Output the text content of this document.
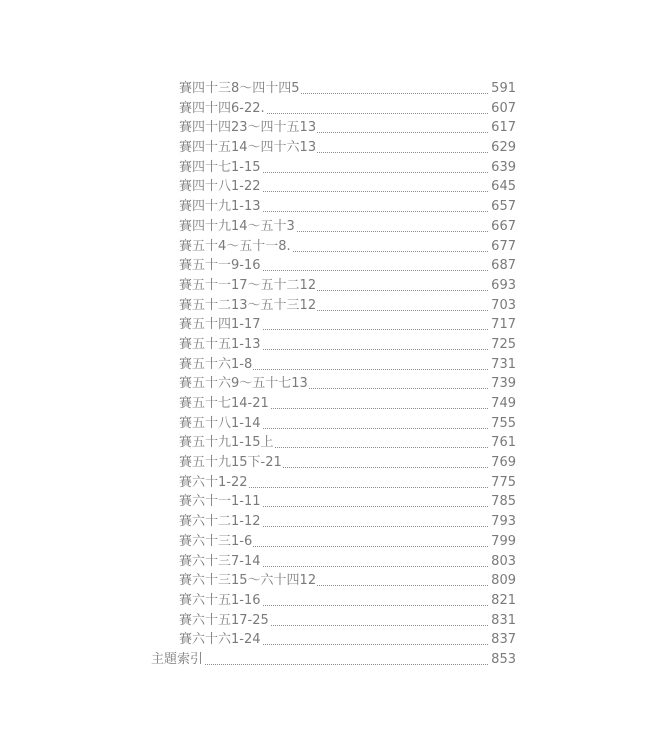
賽四十三8～四十四5	591
賽四十四6-22.	607
賽四十四23～四十五13	617
賽四十五14～四十六13	629
賽四十七1-15	639
賽四十八1-22	645
賽四十九1-13	657
賽四十九14～五十3	667
賽五十4～五十一8.	677
賽五十一9-16	687
賽五十一17～五十二12	693
賽五十二13～五十三12	703
賽五十四1-17	717
賽五十五1-13	725
賽五十六1-8	731
賽五十六9～五十七13	739
賽五十七14-21	749
賽五十八1-14	755
賽五十九1-15上	761
賽五十九15下-21	769
賽六十1-22	775
賽六十一1-11	785
賽六十二1-12	793
賽六十三1-6	799
賽六十三7-14	803
賽六十三15～六十四12	809
賽六十五1-16	821
賽六十五17-25	831
賽六十六1-24	837
主題索引	853
